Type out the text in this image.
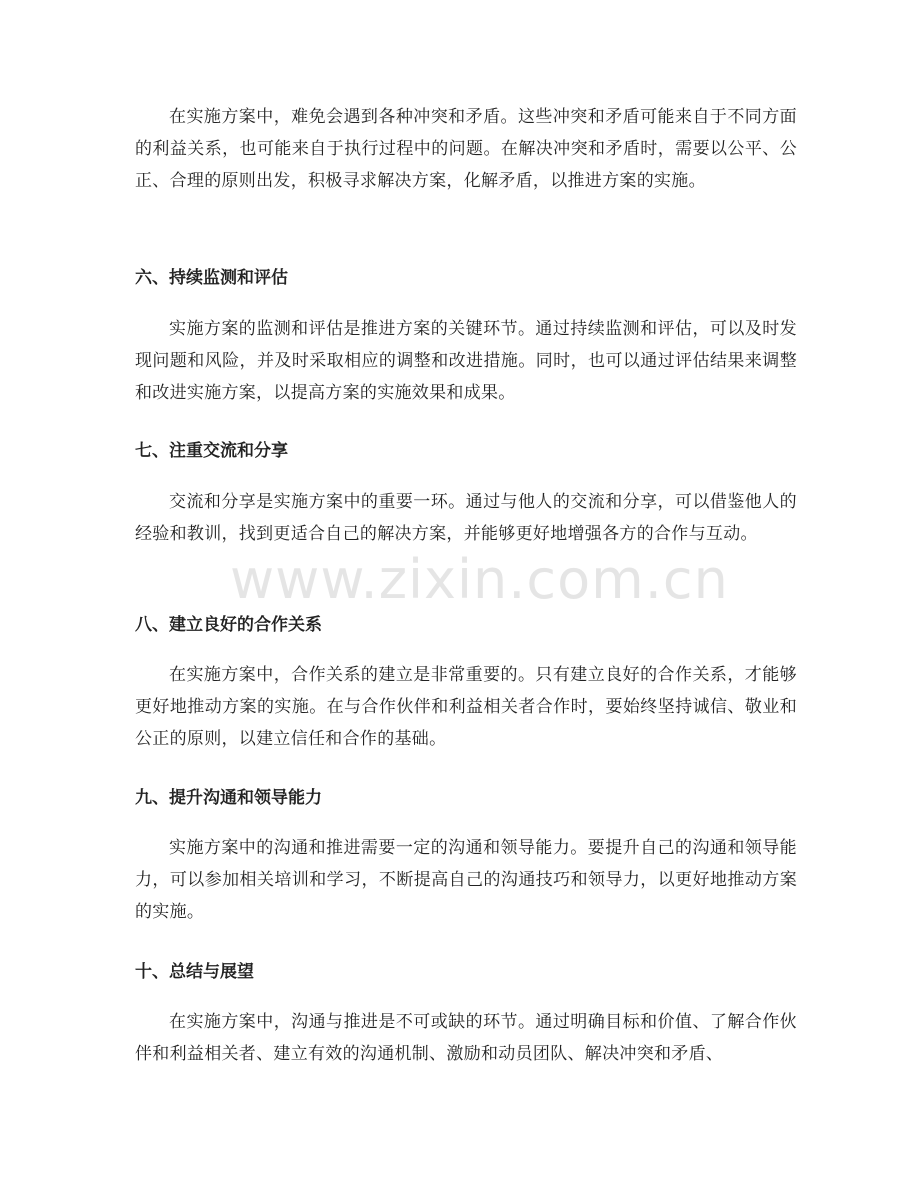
在实施方案中，难免会遇到各种冲突和矛盾。这些冲突和矛盾可能来自于不同方面的利益关系，也可能来自于执行过程中的问题。在解决冲突和矛盾时，需要以公平、公正、合理的原则出发，积极寻求解决方案，化解矛盾，以推进方案的实施。

六、持续监测和评估

实施方案的监测和评估是推进方案的关键环节。通过持续监测和评估，可以及时发现问题和风险，并及时采取相应的调整和改进措施。同时，也可以通过评估结果来调整和改进实施方案，以提高方案的实施效果和成果。

七、注重交流和分享

交流和分享是实施方案中的重要一环。通过与他人的交流和分享，可以借鉴他人的经验和教训，找到更适合自己的解决方案，并能够更好地增强各方的合作与互动。

八、建立良好的合作关系

在实施方案中，合作关系的建立是非常重要的。只有建立良好的合作关系，才能够更好地推动方案的实施。在与合作伙伴和利益相关者合作时，要始终坚持诚信、敬业和公正的原则，以建立信任和合作的基础。

九、提升沟通和领导能力

实施方案中的沟通和推进需要一定的沟通和领导能力。要提升自己的沟通和领导能力，可以参加相关培训和学习，不断提高自己的沟通技巧和领导力，以更好地推动方案的实施。

十、总结与展望

在实施方案中，沟通与推进是不可或缺的环节。通过明确目标和价值、了解合作伙伴和利益相关者、建立有效的沟通机制、激励和动员团队、解决冲突和矛盾、

www.zixin.com.cn
